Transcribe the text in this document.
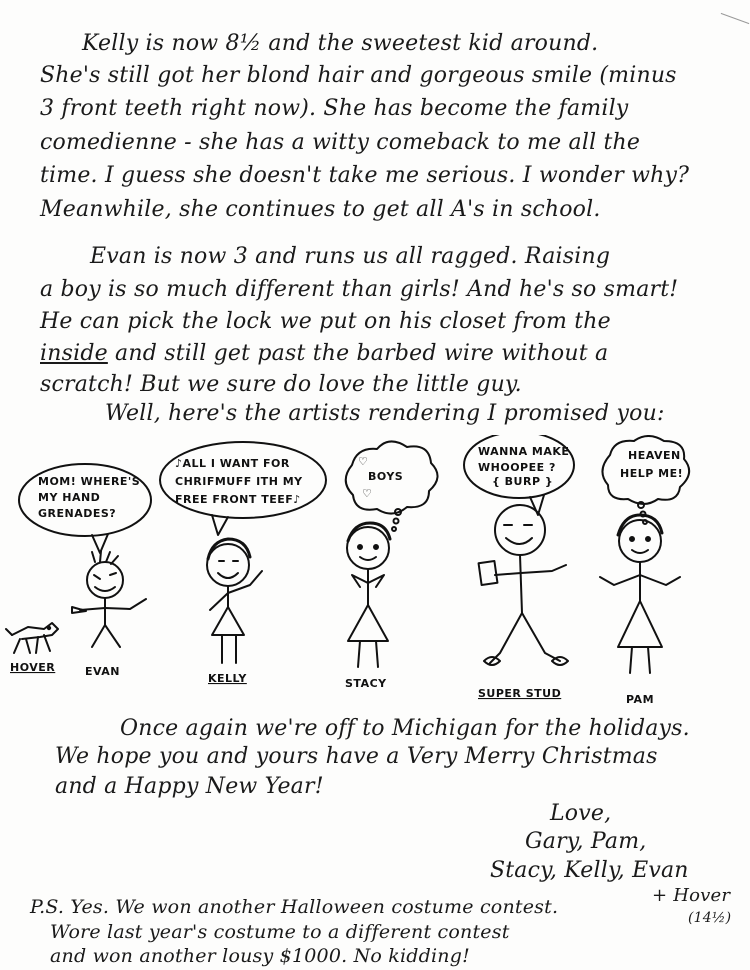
Kelly is now 8½ and the sweetest kid around.
She's still got her blond hair and gorgeous smile (minus
3 front teeth right now). She has become the family
comedienne - she has a witty comeback to me all the
time. I guess she doesn't take me serious. I wonder why?
Meanwhile, she continues to get all A's in school.
Evan is now 3 and runs us all ragged. Raising
a boy is so much different than girls! And he's so smart!
He can pick the lock we put on his closet from the
inside and still get past the barbed wire without a
scratch! But we sure do love the little guy.
Well, here's the artists rendering I promised you:
MOM! WHERE'S
MY HAND
GRENADES?
♪ALL I WANT FOR
CHRIFMUFF ITH MY
FREE FRONT TEEF♪
BOYS
♡
♡
WANNA MAKE
WHOOPEE ?
{ BURP }
HEAVEN
HELP ME!
HOVER	EVAN
KELLY	STACY
SUPER STUD	PAM
Once again we're off to Michigan for the holidays.
We hope you and yours have a Very Merry Christmas
and a Happy New Year!
Love,
Gary, Pam,
Stacy, Kelly, Evan
+ Hover
(14½)
P.S. Yes. We won another Halloween costume contest.
Wore last year's costume to a different contest
and won another lousy $1000. No kidding!
